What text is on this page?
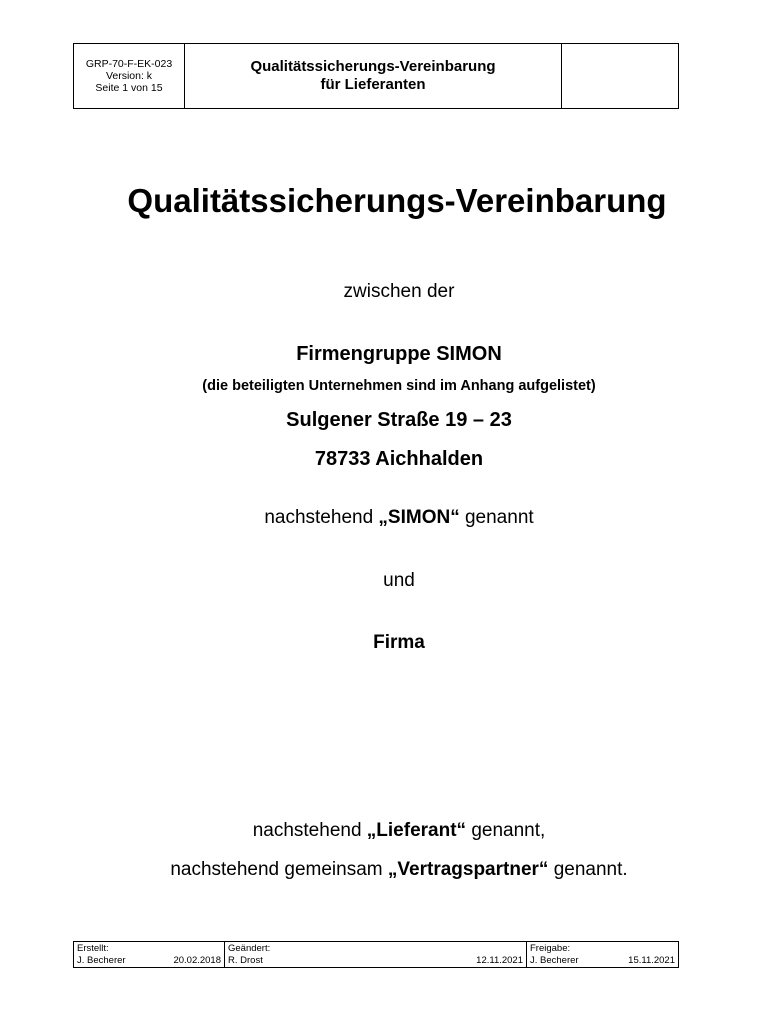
GRP-70-F-EK-023
Version: k
Seite 1 von 15
Qualitätssicherungs-Vereinbarung
für Lieferanten
Qualitätssicherungs-Vereinbarung
zwischen der
Firmengruppe SIMON
(die beteiligten Unternehmen sind im Anhang aufgelistet)
Sulgener Straße 19 – 23
78733 Aichhalden
nachstehend „SIMON“ genannt
und
Firma
nachstehend „Lieferant“ genannt,
nachstehend gemeinsam „Vertragspartner“ genannt.
Erstellt:
J. Becherer	20.02.2018
Geändert:
R. Drost	12.11.2021
Freigabe:
J. Becherer	15.11.2021
